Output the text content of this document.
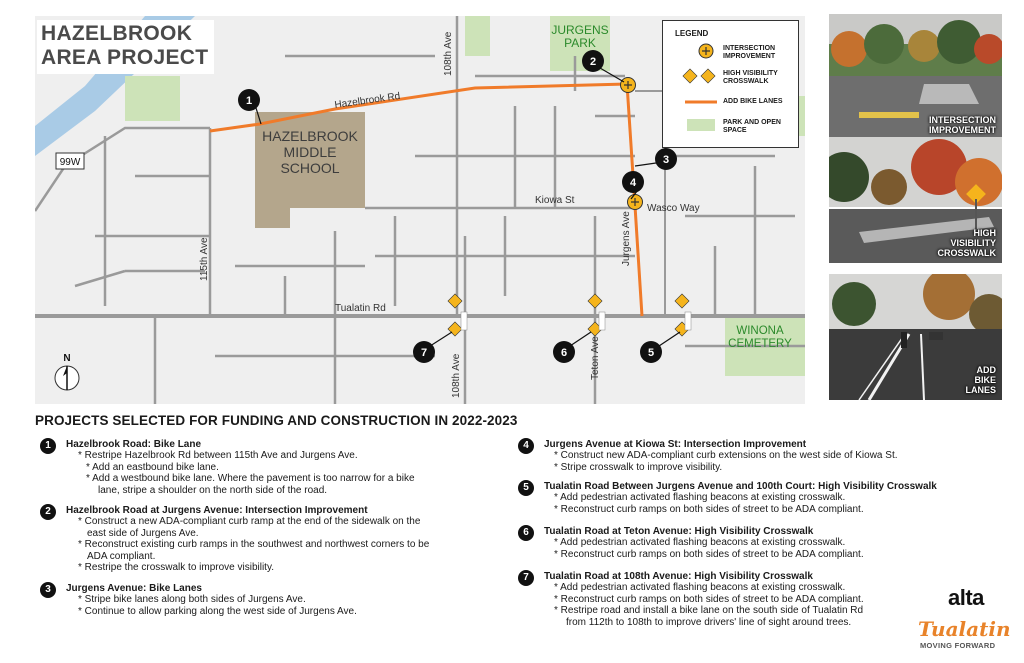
HAZELBROOK
MIDDLE
SCHOOL
JURGENS
PARK
WINONA
CEMETERY
Hazelbrook Rd
108th Ave
115th Ave
Kiowa St
Wasco Way
Jurgens Ave
Tualatin Rd
108th Ave	Teton Ave
99W
N
1
2
3
4
5
6
7
HAZELBROOK
AREA PROJECT
LEGEND
INTERSECTION IMPROVEMENT
HIGH VISIBILITY CROSSWALK
ADD BIKE LANES
PARK AND OPEN SPACE
INTERSECTION
IMPROVEMENT
HIGH
VISIBILITY
CROSSWALK
ADD
BIKE
LANES
PROJECTS SELECTED FOR FUNDING AND CONSTRUCTION IN 2022-2023
1	Hazelbrook Road: Bike Lane
* Restripe Hazelbrook Rd between 115th Ave and Jurgens Ave.
* Add an eastbound bike lane.
* Add a westbound bike lane. Where the pavement is too narrow for a bike
lane, stripe a shoulder on the north side of the road.
2	Hazelbrook Road at Jurgens Avenue: Intersection Improvement
* Construct a new ADA-compliant curb ramp at the end of the sidewalk on the
east side of Jurgens Ave.
* Reconstruct existing curb ramps in the southwest and northwest corners to be
ADA compliant.
* Restripe the crosswalk to improve visibility.
3	Jurgens Avenue: Bike Lanes
* Stripe bike lanes along both sides of Jurgens Ave.
* Continue to allow parking along the west side of Jurgens Ave.
4	Jurgens Avenue at Kiowa St: Intersection Improvement
* Construct new ADA-compliant curb extensions on the west side of Kiowa St.
* Stripe crosswalk to improve visibility.
5	Tualatin Road Between Jurgens Avenue and 100th Court: High Visibility Crosswalk
* Add pedestrian activated flashing beacons at existing crosswalk.
* Reconstruct curb ramps on both sides of street to be ADA compliant.
6	Tualatin Road at Teton Avenue: High Visibility Crosswalk
* Add pedestrian activated flashing beacons at existing crosswalk.
* Reconstruct curb ramps on both sides of street to be ADA compliant.
7	Tualatin Road at 108th Avenue: High Visibility Crosswalk
* Add pedestrian activated flashing beacons at existing crosswalk.
* Reconstruct curb ramps on both sides of street to be ADA compliant.
* Restripe road and install a bike lane on the south side of Tualatin Rd
from 112th to 108th to improve drivers' line of sight around trees.
alta
Tualatin
MOVING FORWARD
